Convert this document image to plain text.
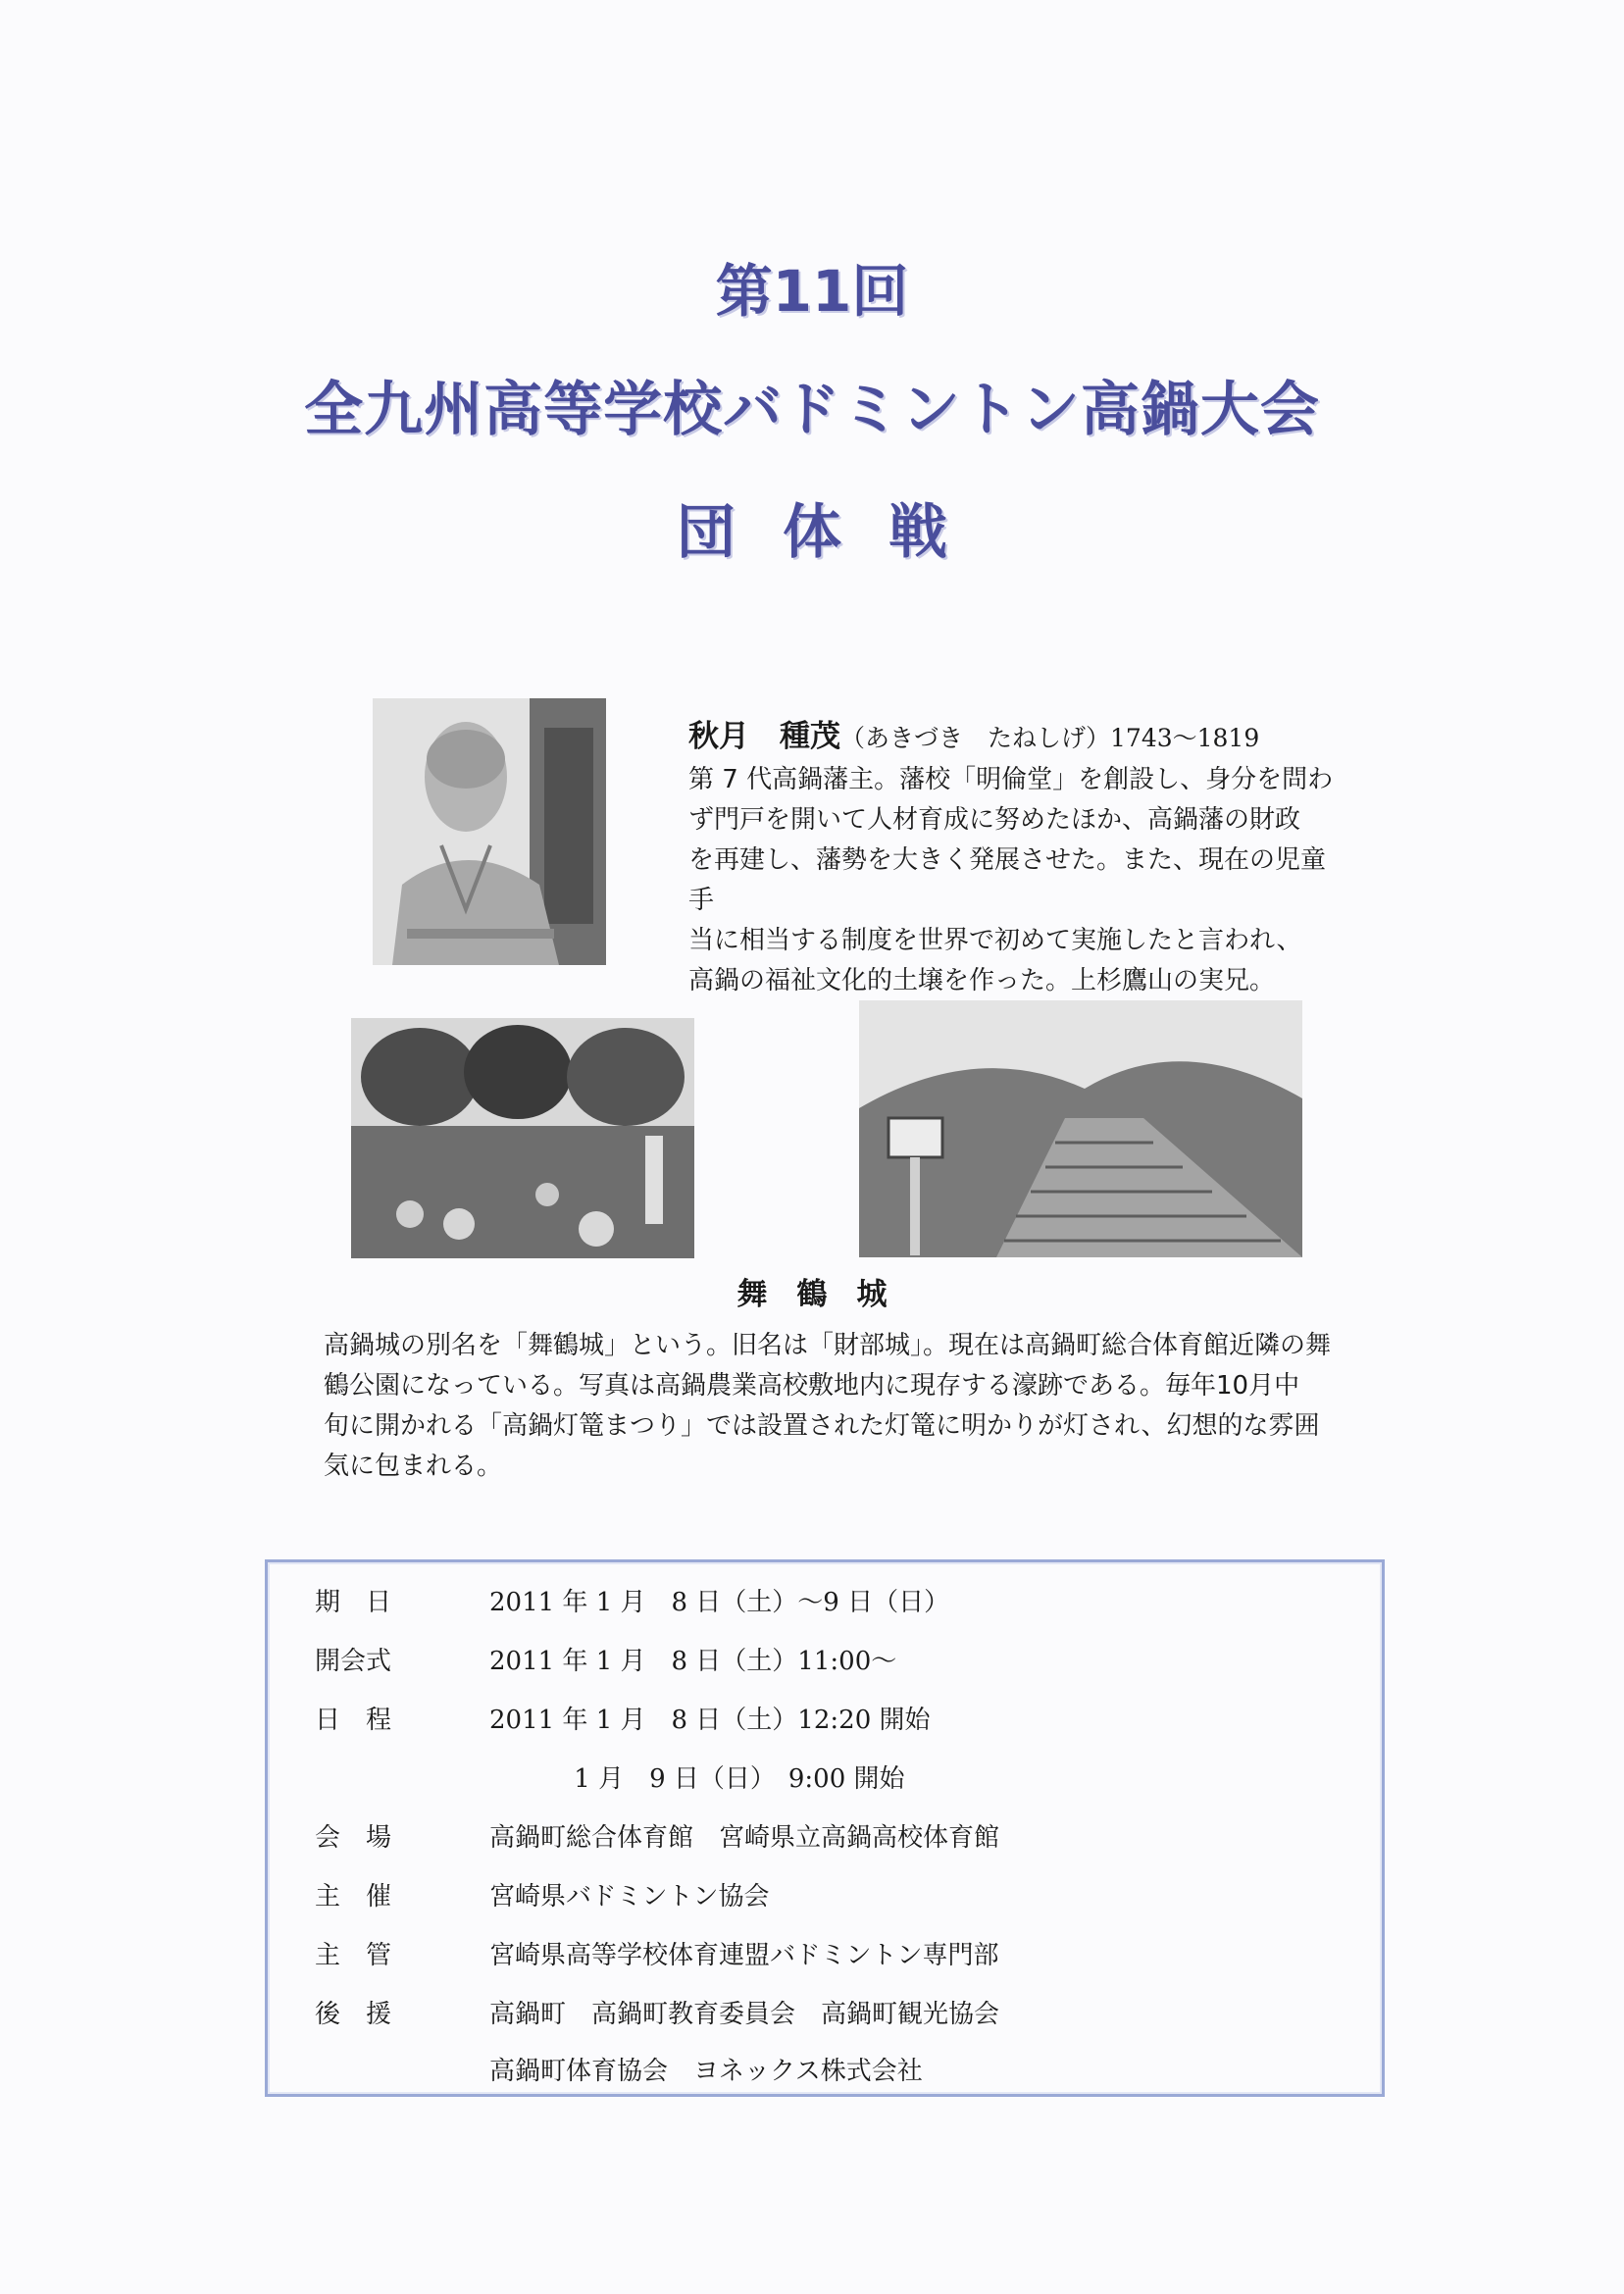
第11回
全九州高等学校バドミントン高鍋大会
団体戦
秋月　種茂（あきづき　たねしげ）1743～1819
第 7 代高鍋藩主。藩校「明倫堂」を創設し、身分を問わ
ず門戸を開いて人材育成に努めたほか、高鍋藩の財政
を再建し、藩勢を大きく発展させた。また、現在の児童手
当に相当する制度を世界で初めて実施したと言われ、
高鍋の福祉文化的土壌を作った。上杉鷹山の実兄。
舞鶴城
高鍋城の別名を「舞鶴城」という。旧名は「財部城」。現在は高鍋町総合体育館近隣の舞
鶴公園になっている。写真は高鍋農業高校敷地内に現存する濠跡である。毎年10月中
旬に開かれる「高鍋灯篭まつり」では設置された灯篭に明かりが灯され、幻想的な雰囲
気に包まれる。
期　日	2011 年 1 月　8 日（土）～9 日（日）
開会式	2011 年 1 月　8 日（土）11:00～
日　程	2011 年 1 月　8 日（土）12:20 開始
　　　 1 月　9 日（日）　9:00 開始
会　場	高鍋町総合体育館　宮崎県立高鍋高校体育館
主　催	宮崎県バドミントン協会
主　管	宮崎県高等学校体育連盟バドミントン専門部
後　援	高鍋町　高鍋町教育委員会　高鍋町観光協会
高鍋町体育協会　ヨネックス株式会社
